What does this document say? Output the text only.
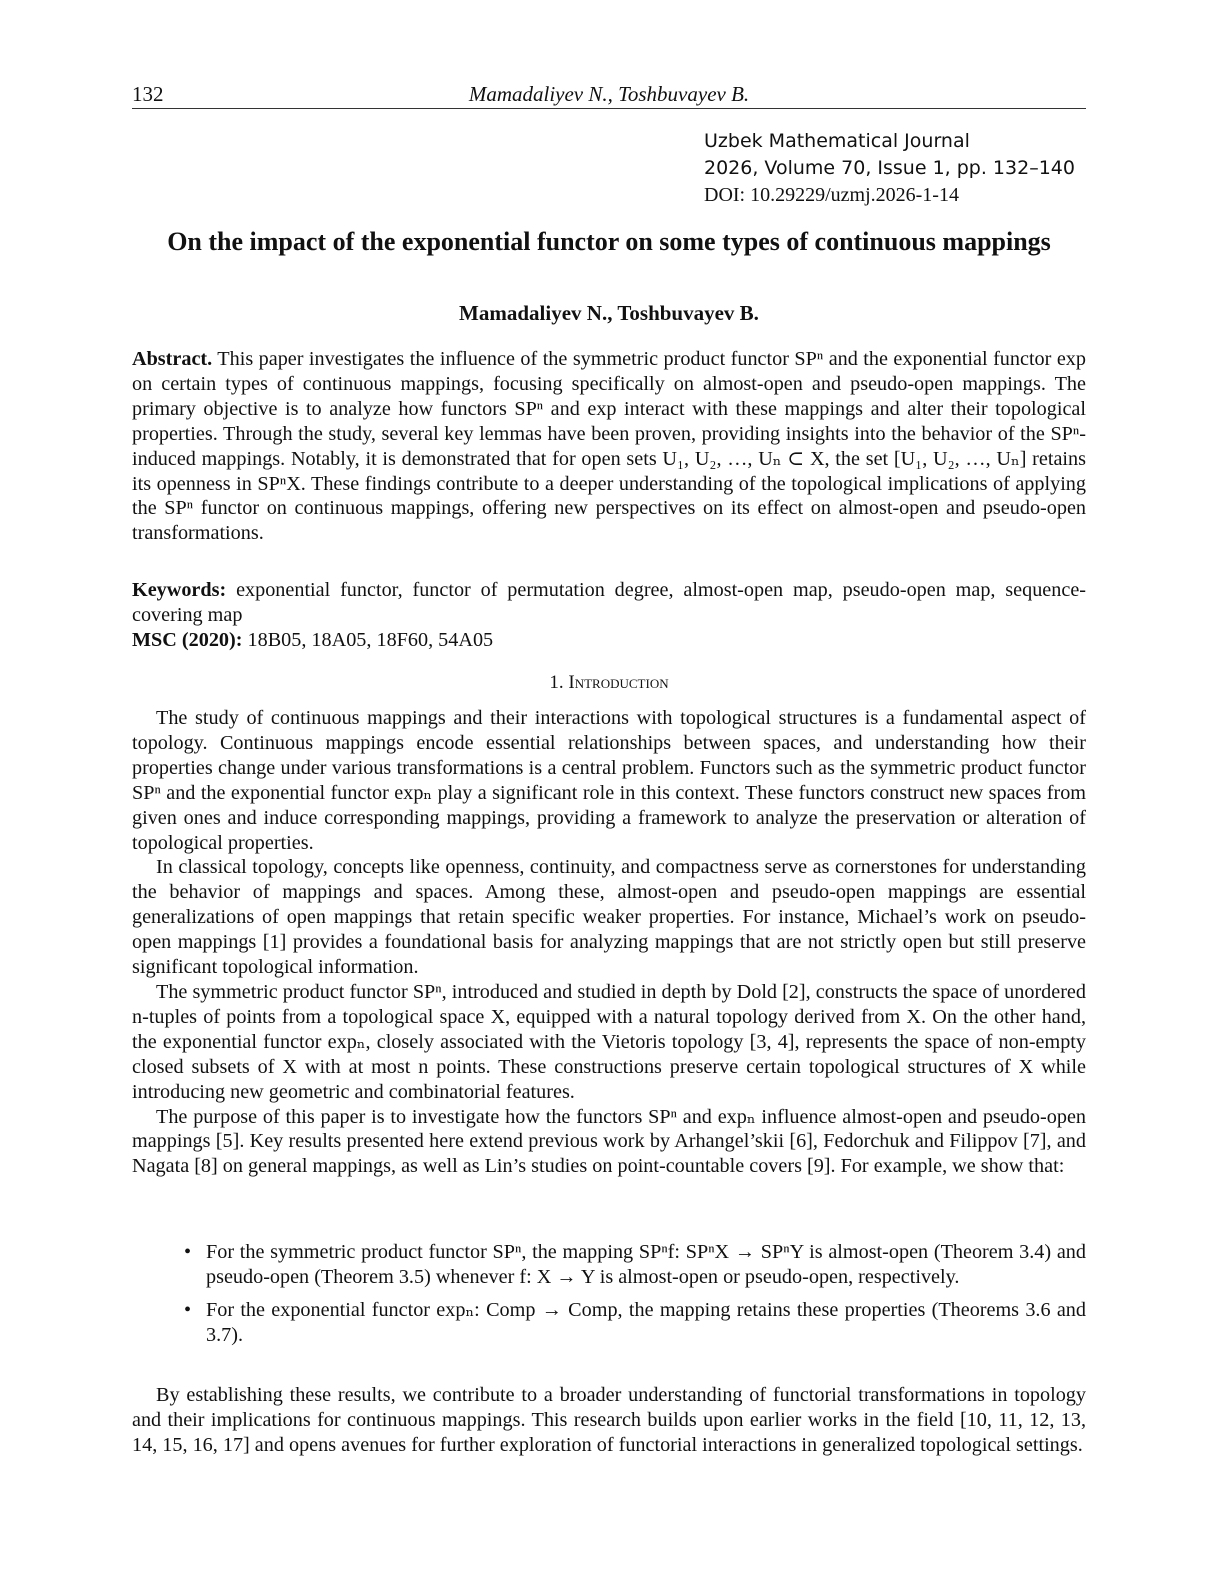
132	Mamadaliyev N., Toshbuvayev B.
Uzbek Mathematical Journal
2026, Volume 70, Issue 1, pp. 132–140
DOI: 10.29229/uzmj.2026-1-14
On the impact of the exponential functor on some types of continuous mappings
Mamadaliyev N., Toshbuvayev B.
Abstract. This paper investigates the influence of the symmetric product functor SPⁿ and the exponential functor exp on certain types of continuous mappings, focusing specifically on almost-open and pseudo-open mappings. The primary objective is to analyze how functors SPⁿ and exp interact with these mappings and alter their topological properties. Through the study, several key lemmas have been proven, providing insights into the behavior of the SPⁿ-induced mappings. Notably, it is demonstrated that for open sets U₁, U₂, …, Uₙ ⊂ X, the set [U₁, U₂, …, Uₙ] retains its openness in SPⁿX. These findings contribute to a deeper understanding of the topological implications of applying the SPⁿ functor on continuous mappings, offering new perspectives on its effect on almost-open and pseudo-open transformations.
Keywords: exponential functor, functor of permutation degree, almost-open map, pseudo-open map, sequence-covering map
MSC (2020): 18B05, 18A05, 18F60, 54A05
1. Introduction

The study of continuous mappings and their interactions with topological structures is a fundamental aspect of topology. Continuous mappings encode essential relationships between spaces, and understanding how their properties change under various transformations is a central problem. Functors such as the symmetric product functor SPⁿ and the exponential functor expₙ play a significant role in this context. These functors construct new spaces from given ones and induce corresponding mappings, providing a framework to analyze the preservation or alteration of topological properties.

In classical topology, concepts like openness, continuity, and compactness serve as cornerstones for understanding the behavior of mappings and spaces. Among these, almost-open and pseudo-open mappings are essential generalizations of open mappings that retain specific weaker properties. For instance, Michael’s work on pseudo-open mappings [1] provides a foundational basis for analyzing mappings that are not strictly open but still preserve significant topological information.

The symmetric product functor SPⁿ, introduced and studied in depth by Dold [2], constructs the space of unordered n-tuples of points from a topological space X, equipped with a natural topology derived from X. On the other hand, the exponential functor expₙ, closely associated with the Vietoris topology [3, 4], represents the space of non-empty closed subsets of X with at most n points. These constructions preserve certain topological structures of X while introducing new geometric and combinatorial features.

The purpose of this paper is to investigate how the functors SPⁿ and expₙ influence almost-open and pseudo-open mappings [5]. Key results presented here extend previous work by Arhangel’skii [6], Fedorchuk and Filippov [7], and Nagata [8] on general mappings, as well as Lin’s studies on point-countable covers [9]. For example, we show that:

• For the symmetric product functor SPⁿ, the mapping SPⁿf: SPⁿX → SPⁿY is almost-open (Theorem 3.4) and pseudo-open (Theorem 3.5) whenever f: X → Y is almost-open or pseudo-open, respectively.
• For the exponential functor expₙ: Comp → Comp, the mapping retains these properties (Theorems 3.6 and 3.7).

By establishing these results, we contribute to a broader understanding of functorial transformations in topology and their implications for continuous mappings. This research builds upon earlier works in the field [10, 11, 12, 13, 14, 15, 16, 17] and opens avenues for further exploration of functorial interactions in generalized topological settings.
